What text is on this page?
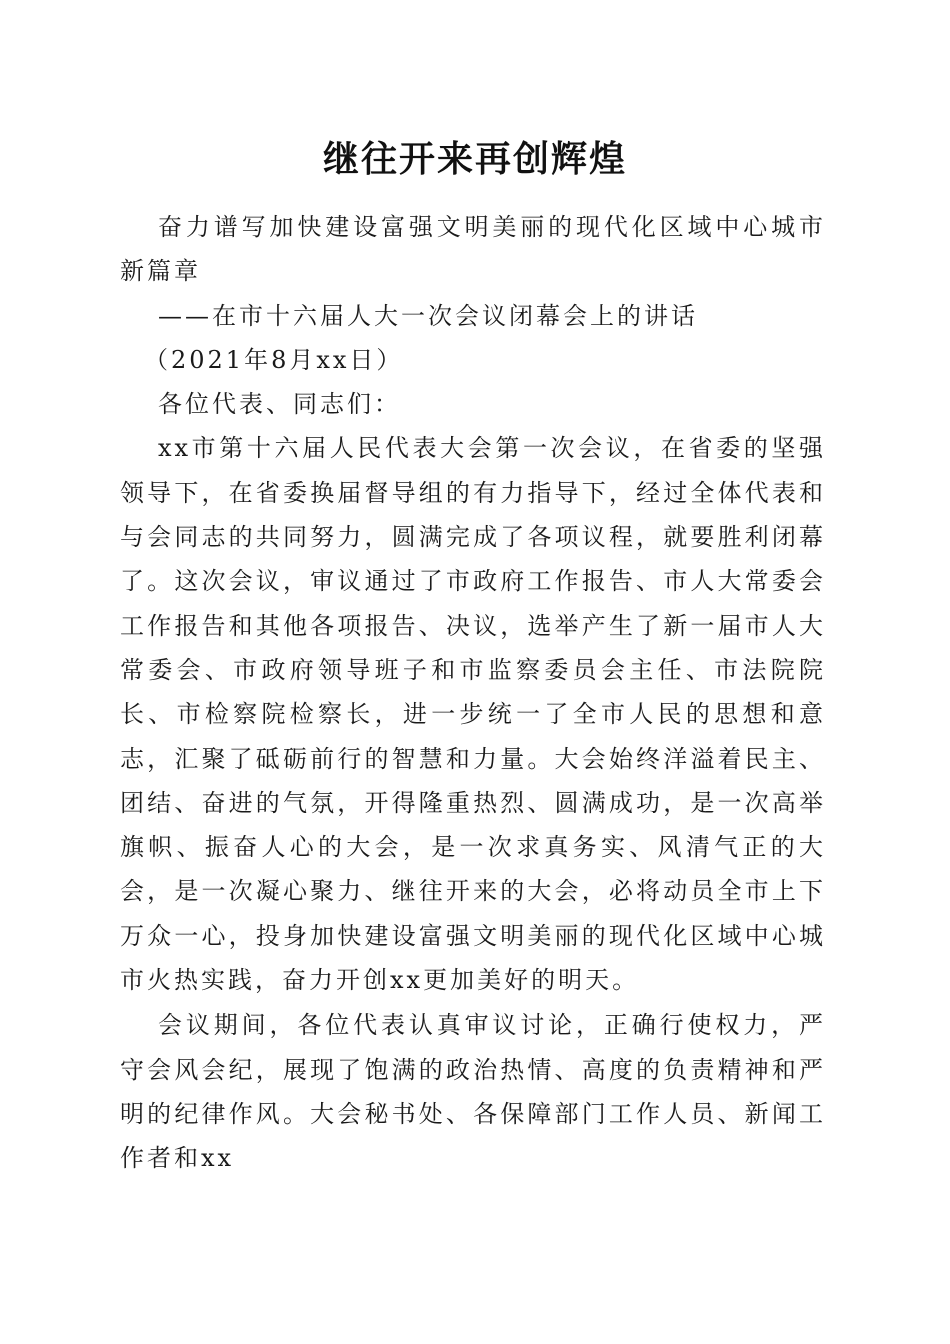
继往开来再创辉煌

奋力谱写加快建设富强文明美丽的现代化区域中心城市新篇章

——在市十六届人大一次会议闭幕会上的讲话

（2021年8月xx日）

各位代表、同志们：

xx市第十六届人民代表大会第一次会议，在省委的坚强领导下，在省委换届督导组的有力指导下，经过全体代表和与会同志的共同努力，圆满完成了各项议程，就要胜利闭幕了。这次会议，审议通过了市政府工作报告、市人大常委会工作报告和其他各项报告、决议，选举产生了新一届市人大常委会、市政府领导班子和市监察委员会主任、市法院院长、市检察院检察长，进一步统一了全市人民的思想和意志，汇聚了砥砺前行的智慧和力量。大会始终洋溢着民主、团结、奋进的气氛，开得隆重热烈、圆满成功，是一次高举旗帜、振奋人心的大会，是一次求真务实、风清气正的大会，是一次凝心聚力、继往开来的大会，必将动员全市上下万众一心，投身加快建设富强文明美丽的现代化区域中心城市火热实践，奋力开创xx更加美好的明天。

会议期间，各位代表认真审议讨论，正确行使权力，严守会风会纪，展现了饱满的政治热情、高度的负责精神和严明的纪律作风。大会秘书处、各保障部门工作人员、新闻工作者和xx
